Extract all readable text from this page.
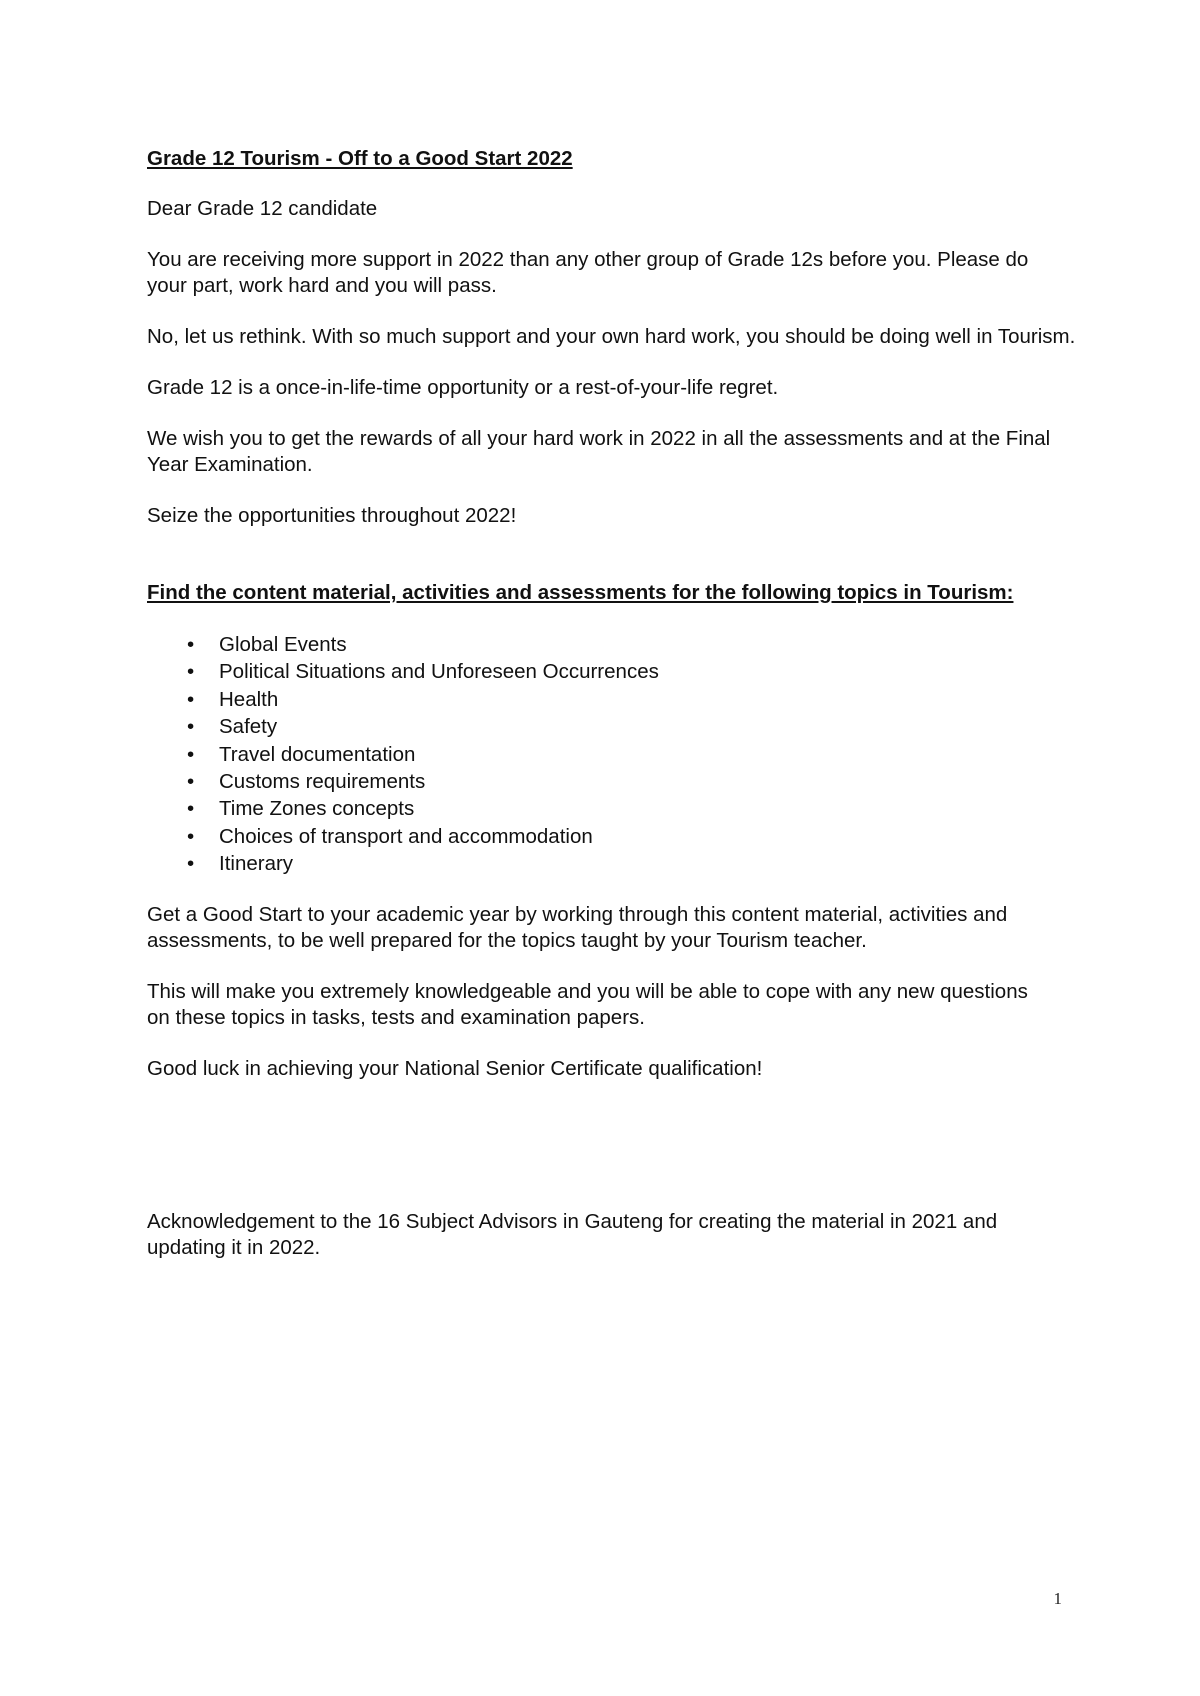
Grade 12 Tourism - Off to a Good Start 2022
Dear Grade 12 candidate
You are receiving more support in 2022 than any other group of Grade 12s before you. Please do your part, work hard and you will pass.
No, let us rethink. With so much support and your own hard work, you should be doing well in Tourism.
Grade 12 is a once-in-life-time opportunity or a rest-of-your-life regret.
We wish you to get the rewards of all your hard work in 2022 in all the assessments and at the Final Year Examination.
Seize the opportunities throughout 2022!
Find the content material, activities and assessments for the following topics in Tourism:
• Global Events
• Political Situations and Unforeseen Occurrences
• Health
• Safety
• Travel documentation
• Customs requirements
• Time Zones concepts
• Choices of transport and accommodation
• Itinerary
Get a Good Start to your academic year by working through this content material, activities and assessments, to be well prepared for the topics taught by your Tourism teacher.
This will make you extremely knowledgeable and you will be able to cope with any new questions on these topics in tasks, tests and examination papers.
Good luck in achieving your National Senior Certificate qualification!
Acknowledgement to the 16 Subject Advisors in Gauteng for creating the material in 2021 and updating it in 2022.
1
